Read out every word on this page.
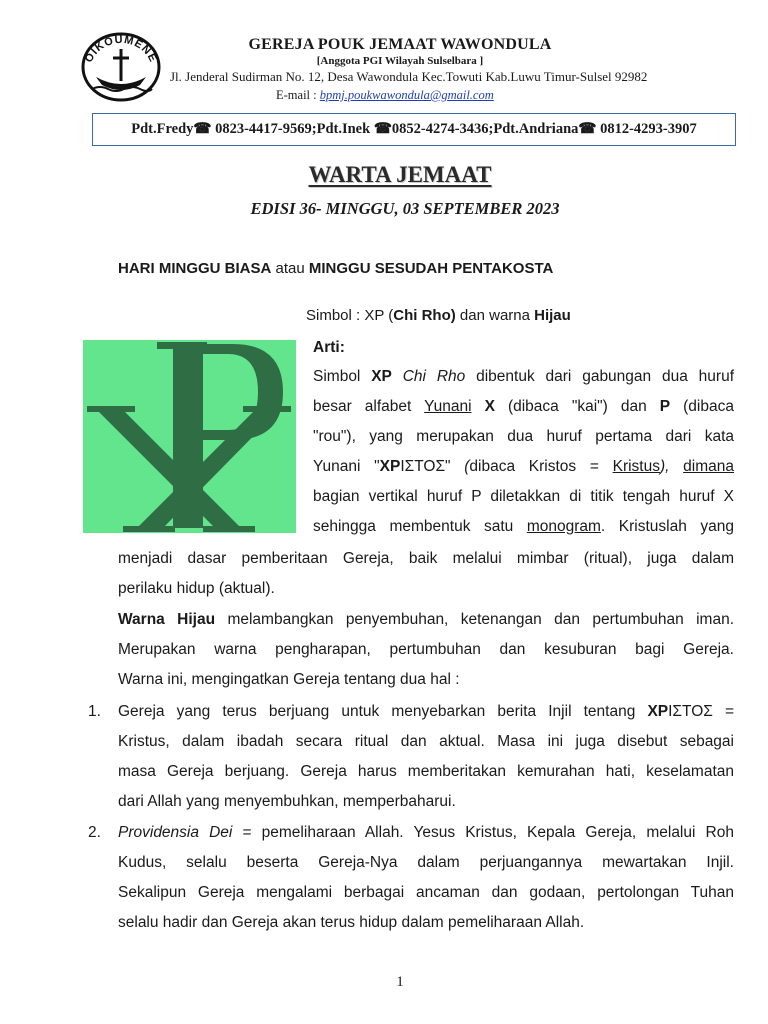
OIKOUMENE
GEREJA POUK JEMAAT WAWONDULA
[Anggota PGI Wilayah Sulselbara ]
Jl. Jenderal Sudirman No. 12, Desa Wawondula Kec.Towuti Kab.Luwu Timur-Sulsel 92982
E-mail : bpmj.poukwawondula@gmail.com
Pdt.Fredy☎ 0823-4417-9569;Pdt.Inek ☎0852-4274-3436;Pdt.Andriana☎ 0812-4293-3907
WARTA JEMAAT
EDISI 36- MINGGU, 03 SEPTEMBER 2023
HARI MINGGU BIASA atau MINGGU SESUDAH PENTAKOSTA
Simbol : XP (Chi Rho) dan warna Hijau
Arti:
Simbol XP Chi Rho dibentuk dari gabungan dua huruf
besar alfabet Yunani X (dibaca "kai") dan P (dibaca
"rou"), yang merupakan dua huruf pertama dari kata
Yunani "XPΙΣΤΟΣ" (dibaca Kristos = Kristus), dimana
bagian vertikal huruf P diletakkan di titik tengah huruf X
sehingga membentuk satu monogram. Kristuslah yang
menjadi dasar pemberitaan Gereja, baik melalui mimbar (ritual), juga dalam
perilaku hidup (aktual).
Warna Hijau melambangkan penyembuhan, ketenangan dan pertumbuhan iman.
Merupakan warna pengharapan, pertumbuhan dan kesuburan bagi Gereja.
Warna ini, mengingatkan Gereja tentang dua hal :
1. Gereja yang terus berjuang untuk menyebarkan berita Injil tentang XPΙΣΤΟΣ =
Kristus, dalam ibadah secara ritual dan aktual. Masa ini juga disebut sebagai
masa Gereja berjuang. Gereja harus memberitakan kemurahan hati, keselamatan
dari Allah yang menyembuhkan, memperbaharui.
2. Providensia Dei = pemeliharaan Allah. Yesus Kristus, Kepala Gereja, melalui Roh
Kudus, selalu beserta Gereja-Nya dalam perjuangannya mewartakan Injil.
Sekalipun Gereja mengalami berbagai ancaman dan godaan, pertolongan Tuhan
selalu hadir dan Gereja akan terus hidup dalam pemeliharaan Allah.
1
